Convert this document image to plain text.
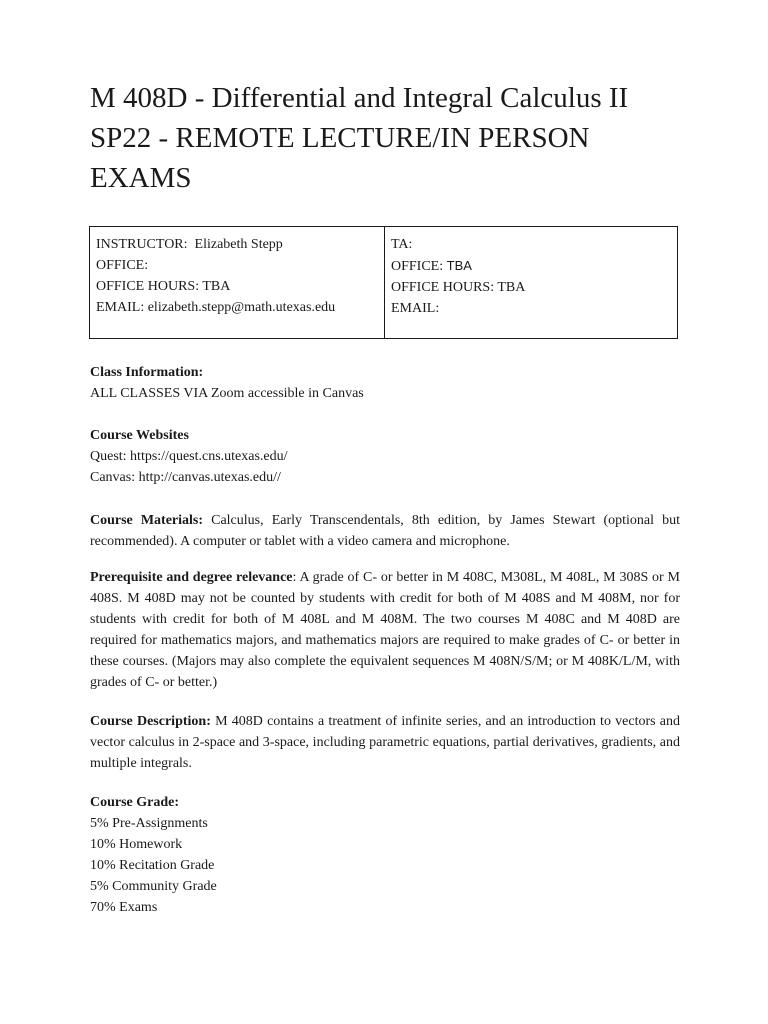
M 408D - Differential and Integral Calculus II
SP22 - REMOTE LECTURE/IN PERSON
EXAMS
INSTRUCTOR: Elizabeth Stepp
OFFICE:
OFFICE HOURS: TBA
EMAIL: elizabeth.stepp@math.utexas.edu
TA:
OFFICE: TBA
OFFICE HOURS: TBA
EMAIL:
Class Information:
ALL CLASSES VIA Zoom accessible in Canvas
Course Websites
Quest: https://quest.cns.utexas.edu/
Canvas: http://canvas.utexas.edu//
Course Materials: Calculus, Early Transcendentals, 8th edition, by James Stewart (optional but recommended). A computer or tablet with a video camera and microphone.
Prerequisite and degree relevance: A grade of C- or better in M 408C, M308L, M 408L, M 308S or M 408S. M 408D may not be counted by students with credit for both of M 408S and M 408M, nor for students with credit for both of M 408L and M 408M. The two courses M 408C and M 408D are required for mathematics majors, and mathematics majors are required to make grades of C- or better in these courses. (Majors may also complete the equivalent sequences M 408N/S/M; or M 408K/L/M, with grades of C- or better.)
Course Description: M 408D contains a treatment of infinite series, and an introduction to vectors and vector calculus in 2-space and 3-space, including parametric equations, partial derivatives, gradients, and multiple integrals.
Course Grade:
5% Pre-Assignments
10% Homework
10% Recitation Grade
5% Community Grade
70% Exams
